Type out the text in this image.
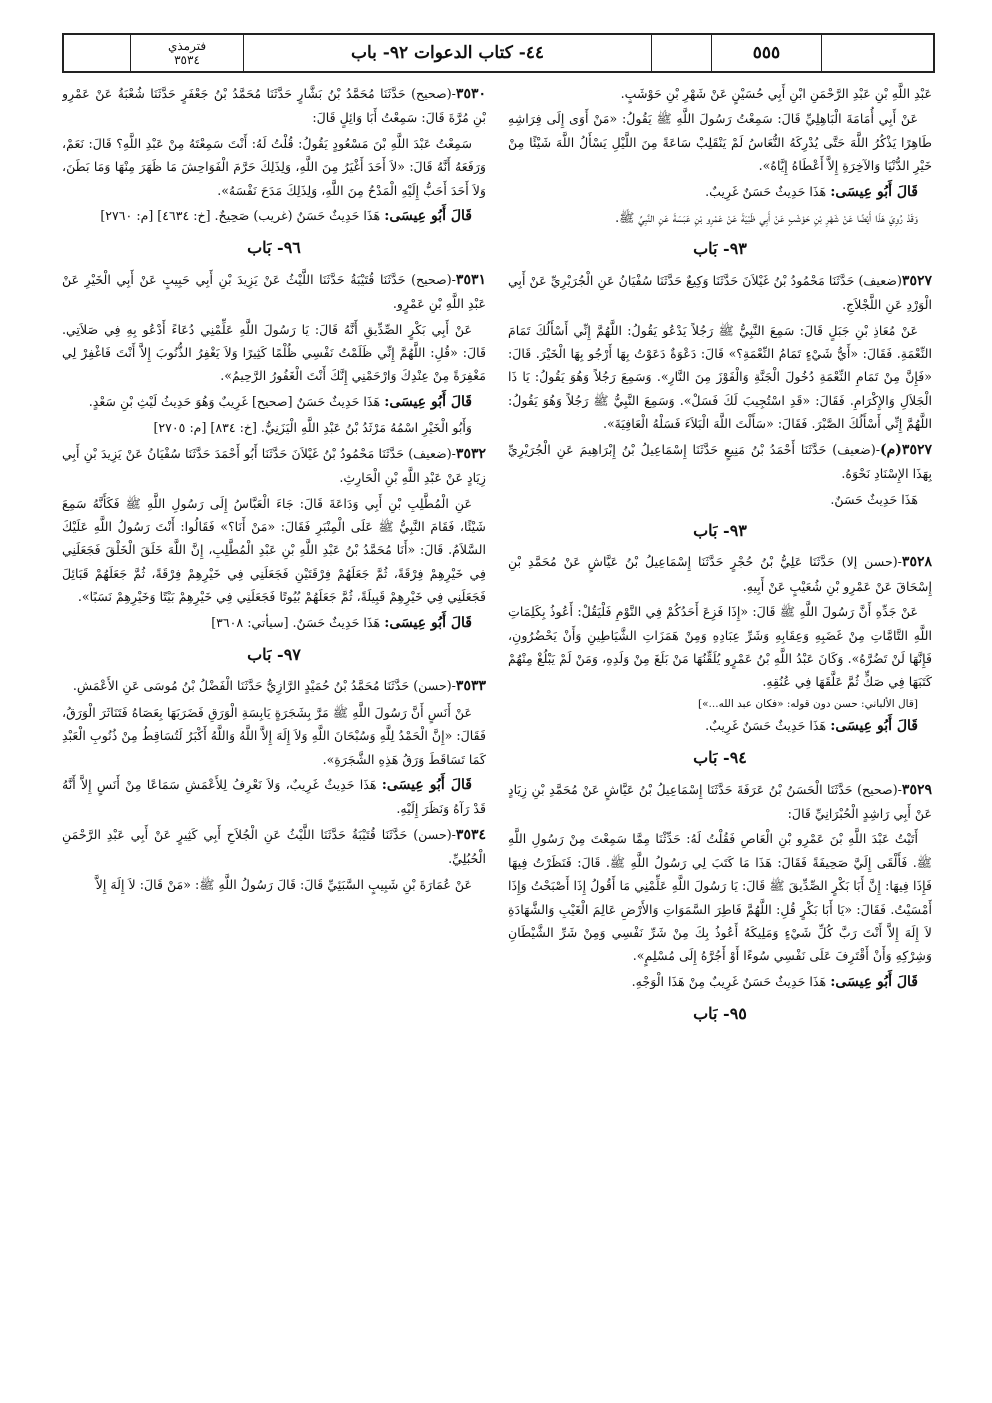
٥٥٥
٤٤- كتاب الدعوات ٩٢- باب
فترمذي
٣٥٣٤

عَبْدِ اللَّهِ بْنِ عَبْدِ الرَّحْمَنِ ابْنِ أَبِي حُسَيْنٍ عَنْ شَهْرِ بْنِ حَوْشَبٍ.

عَنْ أَبِي أُمَامَةَ الْبَاهِلِيِّ قَالَ: سَمِعْتُ رَسُولَ اللَّهِ ﷺ يَقُولُ: «مَنْ أَوَى إِلَى فِرَاشِهِ طَاهِرًا يَذْكُرُ اللَّهَ حَتَّى يُدْرِكَهُ النُّعَاسُ لَمْ يَنْقَلِبْ سَاعَةً مِنَ اللَّيْلِ يَسْأَلُ اللَّهَ شَيْئًا مِنْ خَيْرِ الدُّنْيَا وَالآخِرَةِ إِلاَّ أَعْطَاهُ إِيَّاهُ».

قَالَ أَبُو عِيسَى: هَذَا حَدِيثٌ حَسَنٌ غَرِيبٌ.

وَقَدْ رُوِيَ هَذَا أَيْضًا عَنْ شَهْرِ بْنِ حَوْشَبٍ عَنْ أَبِي ظَبْيَةَ عَنْ عَمْرِو بْنِ عَبَسَةَ عَنِ النَّبِيِّ ﷺ.

٩٣- بَاب

٣٥٢٧(ضعيف) حَدَّثَنَا مَحْمُودُ بْنُ غَيْلاَنَ حَدَّثَنَا وَكِيعٌ حَدَّثَنَا سُفْيَانُ عَنِ الْجُرَيْرِيِّ عَنْ أَبِي الْوَرْدِ عَنِ اللَّجْلاَجِ.

عَنْ مُعَاذِ بْنِ جَبَلٍ قَالَ: سَمِعَ النَّبِيُّ ﷺ رَجُلاً يَدْعُو يَقُولُ: اللَّهُمَّ إِنِّي أَسْأَلُكَ تَمَامَ النِّعْمَةِ. فَقَالَ: «أَيُّ شَيْءٍ تَمَامُ النِّعْمَةِ؟» قَالَ: دَعْوَةٌ دَعَوْتُ بِهَا أَرْجُو بِهَا الْخَيْرَ. قَالَ: «فَإِنَّ مِنْ تَمَامِ النِّعْمَةِ دُخُولَ الْجَنَّةِ وَالْفَوْزَ مِنَ النَّارِ». وَسَمِعَ رَجُلاً وَهُوَ يَقُولُ: يَا ذَا الْجَلاَلِ وَالإِكْرَامِ. فَقَالَ: «قَدِ اسْتُجِيبَ لَكَ فَسَلْ». وَسَمِعَ النَّبِيُّ ﷺ رَجُلاً وَهُوَ يَقُولُ: اللَّهُمَّ إِنِّي أَسْأَلُكَ الصَّبْرَ. فَقَالَ: «سَأَلْتَ اللَّهَ الْبَلاَءَ فَسَلْهُ الْعَافِيَةَ».

٣٥٢٧(م)-(ضعيف) حَدَّثَنَا أَحْمَدُ بْنُ مَنِيعٍ حَدَّثَنَا إِسْمَاعِيلُ بْنُ إِبْرَاهِيمَ عَنِ الْجُرَيْرِيِّ بِهَذَا الإِسْنَادِ نَحْوَهُ.

هَذَا حَدِيثٌ حَسَنٌ.

٩٣- بَاب

٣٥٢٨-(حسن إلا) حَدَّثَنَا عَلِيُّ بْنُ حُجْرٍ حَدَّثَنَا إِسْمَاعِيلُ بْنُ عَيَّاشٍ عَنْ مُحَمَّدِ بْنِ إِسْحَاقَ عَنْ عَمْرِو بْنِ شُعَيْبٍ عَنْ أَبِيهِ.

عَنْ جَدِّهِ أَنَّ رَسُولَ اللَّهِ ﷺ قَالَ: «إِذَا فَزِعَ أَحَدُكُمْ فِي النَّوْمِ فَلْيَقُلْ: أَعُوذُ بِكَلِمَاتِ اللَّهِ التَّامَّاتِ مِنْ غَضَبِهِ وَعِقَابِهِ وَشَرِّ عِبَادِهِ وَمِنْ هَمَزَاتِ الشَّيَاطِينِ وَأَنْ يَحْضُرُونِ، فَإِنَّهَا لَنْ تَضُرَّهُ». وَكَانَ عَبْدُ اللَّهِ بْنُ عَمْرٍو يُلَقِّنُهَا مَنْ بَلَغَ مِنْ وَلَدِهِ، وَمَنْ لَمْ يَبْلُغْ مِنْهُمْ كَتَبَهَا فِي صَكٍّ ثُمَّ عَلَّقَهَا فِي عُنُقِهِ.

[قال الألباني: حسن دون قوله: «فكان عبد الله...»]

قَالَ أَبُو عِيسَى: هَذَا حَدِيثٌ حَسَنٌ غَرِيبٌ.

٩٤- بَاب

٣٥٢٩-(صحيح) حَدَّثَنَا الْحَسَنُ بْنُ عَرَفَةَ حَدَّثَنَا إِسْمَاعِيلُ بْنُ عَيَّاشٍ عَنْ مُحَمَّدِ بْنِ زِيَادٍ عَنْ أَبِي رَاشِدٍ الْحُبْرَانِيِّ قَالَ:

أَتَيْتُ عَبْدَ اللَّهِ بْنَ عَمْرِو بْنِ الْعَاصِ فَقُلْتُ لَهُ: حَدِّثْنَا مِمَّا سَمِعْتَ مِنْ رَسُولِ اللَّهِ ﷺ. فَأَلْقَى إِلَيَّ صَحِيفَةً فَقَالَ: هَذَا مَا كَتَبَ لِي رَسُولُ اللَّهِ ﷺ. قَالَ: فَنَظَرْتُ فِيهَا فَإِذَا فِيهَا: إِنَّ أَبَا بَكْرٍ الصِّدِّيقَ ﷺ قَالَ: يَا رَسُولَ اللَّهِ عَلِّمْنِي مَا أَقُولُ إِذَا أَصْبَحْتُ وَإِذَا أَمْسَيْتُ. فَقَالَ: «يَا أَبَا بَكْرٍ قُلِ: اللَّهُمَّ فَاطِرَ السَّمَوَاتِ وَالأَرْضِ عَالِمَ الْغَيْبِ وَالشَّهَادَةِ لاَ إِلَهَ إِلاَّ أَنْتَ رَبَّ كُلِّ شَيْءٍ وَمَلِيكَهُ أَعُوذُ بِكَ مِنْ شَرِّ نَفْسِي وَمِنْ شَرِّ الشَّيْطَانِ وَشِرْكِهِ وَأَنْ أَقْتَرِفَ عَلَى نَفْسِي سُوءًا أَوْ أَجُرَّهُ إِلَى مُسْلِمٍ».

قَالَ أَبُو عِيسَى: هَذَا حَدِيثٌ حَسَنٌ غَرِيبٌ مِنْ هَذَا الْوَجْهِ.

٩٥- بَاب

٣٥٣٠-(صحيح) حَدَّثَنَا مُحَمَّدُ بْنُ بَشَّارٍ حَدَّثَنَا مُحَمَّدُ بْنُ جَعْفَرٍ حَدَّثَنَا شُعْبَةُ عَنْ عَمْرِو بْنِ مُرَّةَ قَالَ: سَمِعْتُ أَبَا وَائِلٍ قَالَ:

سَمِعْتُ عَبْدَ اللَّهِ بْنَ مَسْعُودٍ يَقُولُ: قُلْتُ لَهُ: أَنْتَ سَمِعْتَهُ مِنْ عَبْدِ اللَّهِ؟ قَالَ: نَعَمْ، وَرَفَعَهُ أَنَّهُ قَالَ: «لاَ أَحَدَ أَغْيَرُ مِنَ اللَّهِ، وَلِذَلِكَ حَرَّمَ الْفَوَاحِشَ مَا ظَهَرَ مِنْهَا وَمَا بَطَنَ، وَلاَ أَحَدَ أَحَبُّ إِلَيْهِ الْمَدْحُ مِنَ اللَّهِ، وَلِذَلِكَ مَدَحَ نَفْسَهُ».

قَالَ أَبُو عِيسَى: هَذَا حَدِيثٌ حَسَنٌ (غريب) صَحِيحٌ. [خ: ٤٦٣٤] [م: ٢٧٦٠]

٩٦- بَاب

٣٥٣١-(صحيح) حَدَّثَنَا قُتَيْبَةُ حَدَّثَنَا اللَّيْثُ عَنْ يَزِيدَ بْنِ أَبِي حَبِيبٍ عَنْ أَبِي الْخَيْرِ عَنْ عَبْدِ اللَّهِ بْنِ عَمْرٍو.

عَنْ أَبِي بَكْرٍ الصِّدِّيقِ أَنَّهُ قَالَ: يَا رَسُولَ اللَّهِ عَلِّمْنِي دُعَاءً أَدْعُو بِهِ فِي صَلاَتِي. قَالَ: «قُلِ: اللَّهُمَّ إِنِّي ظَلَمْتُ نَفْسِي ظُلْمًا كَثِيرًا وَلاَ يَغْفِرُ الذُّنُوبَ إِلاَّ أَنْتَ فَاغْفِرْ لِي مَغْفِرَةً مِنْ عِنْدِكَ وَارْحَمْنِي إِنَّكَ أَنْتَ الْغَفُورُ الرَّحِيمُ».

قَالَ أَبُو عِيسَى: هَذَا حَدِيثٌ حَسَنٌ [صحيح] غَرِيبٌ وَهُوَ حَدِيثُ لَيْثِ بْنِ سَعْدٍ.

وَأَبُو الْخَيْرِ اسْمُهُ مَرْثَدُ بْنُ عَبْدِ اللَّهِ الْيَزَنِيُّ. [خ: ٨٣٤] [م: ٢٧٠٥]

٣٥٣٢-(ضعيف) حَدَّثَنَا مَحْمُودُ بْنُ غَيْلاَنَ حَدَّثَنَا أَبُو أَحْمَدَ حَدَّثَنَا سُفْيَانُ عَنْ يَزِيدَ بْنِ أَبِي زِيَادٍ عَنْ عَبْدِ اللَّهِ بْنِ الْحَارِثِ.

عَنِ الْمُطَّلِبِ بْنِ أَبِي وَدَاعَةَ قَالَ: جَاءَ الْعَبَّاسُ إِلَى رَسُولِ اللَّهِ ﷺ فَكَأَنَّهُ سَمِعَ شَيْئًا، فَقَامَ النَّبِيُّ ﷺ عَلَى الْمِنْبَرِ فَقَالَ: «مَنْ أَنَا؟» فَقَالُوا: أَنْتَ رَسُولُ اللَّهِ عَلَيْكَ السَّلاَمُ. قَالَ: «أَنَا مُحَمَّدُ بْنُ عَبْدِ اللَّهِ بْنِ عَبْدِ الْمُطَّلِبِ، إِنَّ اللَّهَ خَلَقَ الْخَلْقَ فَجَعَلَنِي فِي خَيْرِهِمْ فِرْقَةً، ثُمَّ جَعَلَهُمْ فِرْقَتَيْنِ فَجَعَلَنِي فِي خَيْرِهِمْ فِرْقَةً، ثُمَّ جَعَلَهُمْ قَبَائِلَ فَجَعَلَنِي فِي خَيْرِهِمْ قَبِيلَةً، ثُمَّ جَعَلَهُمْ بُيُوتًا فَجَعَلَنِي فِي خَيْرِهِمْ بَيْتًا وَخَيْرِهِمْ نَسَبًا».

قَالَ أَبُو عِيسَى: هَذَا حَدِيثٌ حَسَنٌ. [سيأتي: ٣٦٠٨]

٩٧- بَاب

٣٥٣٣-(حسن) حَدَّثَنَا مُحَمَّدُ بْنُ حُمَيْدٍ الرَّازِيُّ حَدَّثَنَا الْفَضْلُ بْنُ مُوسَى عَنِ الأَعْمَشِ.

عَنْ أَنَسٍ أَنَّ رَسُولَ اللَّهِ ﷺ مَرَّ بِشَجَرَةٍ يَابِسَةِ الْوَرَقِ فَضَرَبَهَا بِعَصَاهُ فَتَنَاثَرَ الْوَرَقُ، فَقَالَ: «إِنَّ الْحَمْدُ لِلَّهِ وَسُبْحَانَ اللَّهِ وَلاَ إِلَهَ إِلاَّ اللَّهُ وَاللَّهُ أَكْبَرُ لَتُسَاقِطُ مِنْ ذُنُوبِ الْعَبْدِ كَمَا تَسَاقَطَ وَرَقُ هَذِهِ الشَّجَرَةِ».

قَالَ أَبُو عِيسَى: هَذَا حَدِيثٌ غَرِيبٌ، وَلاَ نَعْرِفُ لِلأَعْمَشِ سَمَاعًا مِنْ أَنَسٍ إِلاَّ أَنَّهُ قَدْ رَآهُ وَنَظَرَ إِلَيْهِ.

٣٥٣٤-(حسن) حَدَّثَنَا قُتَيْبَةُ حَدَّثَنَا اللَّيْثُ عَنِ الْجُلاَحِ أَبِي كَثِيرٍ عَنْ أَبِي عَبْدِ الرَّحْمَنِ الْحُبُلِيِّ.

عَنْ عُمَارَةَ بْنِ شَبِيبٍ السَّبَئِيِّ قَالَ: قَالَ رَسُولُ اللَّهِ ﷺ: «مَنْ قَالَ: لاَ إِلَهَ إِلاَّ
